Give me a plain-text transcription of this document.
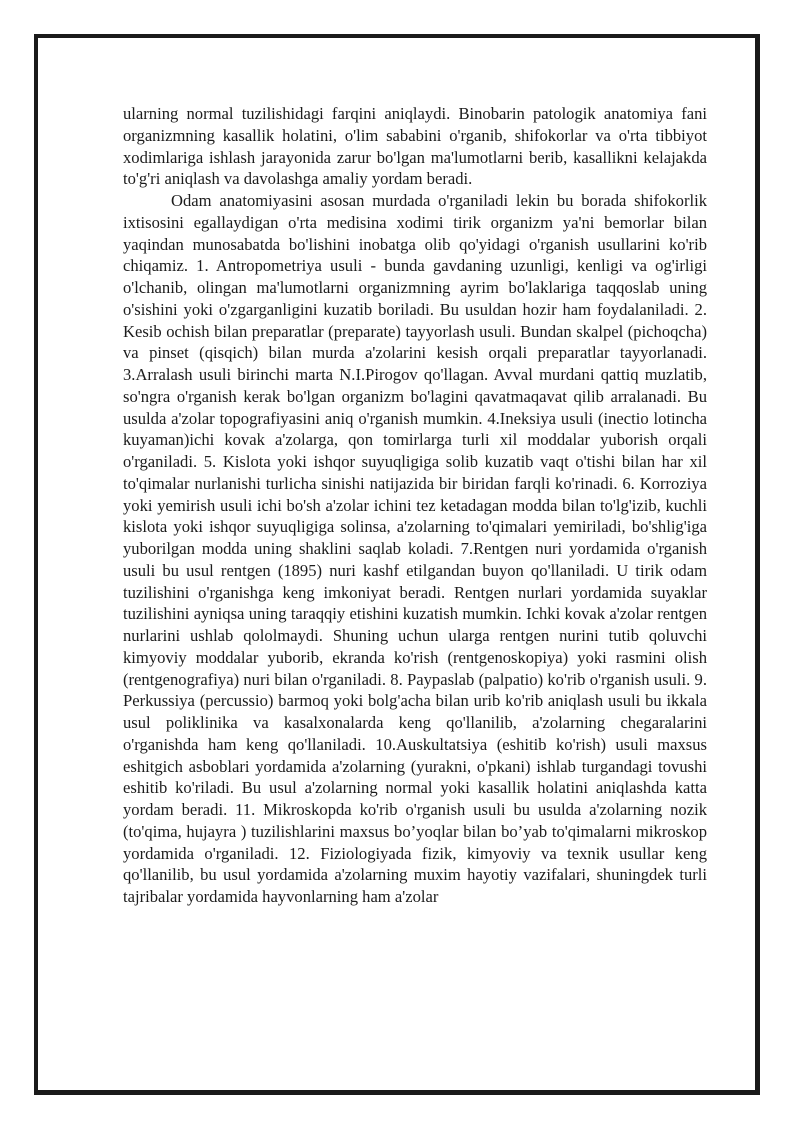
ularning normal tuzilishidagi farqini aniqlaydi. Binobarin patologik anatomiya fani organizmning kasallik holatini, o'lim sababini o'rganib, shifokorlar va o'rta tibbiyot xodimlariga ishlash jarayonida zarur bo'lgan ma'lumotlarni berib, kasallikni kelajakda to'g'ri aniqlash va davolashga amaliy yordam beradi.

Odam anatomiyasini asosan murdada o'rganiladi lekin bu borada shifokorlik ixtisosini egallaydigan o'rta medisina xodimi tirik organizm ya'ni bemorlar bilan yaqindan munosabatda bo'lishini inobatga olib qo'yidagi o'rganish usullarini ko'rib chiqamiz. 1. Antropometriya usuli - bunda gavdaning uzunligi, kenligi va og'irligi o'lchanib, olingan ma'lumotlarni organizmning ayrim bo'laklariga taqqoslab uning o'sishini yoki o'zgarganligini kuzatib boriladi. Bu usuldan hozir ham foydalaniladi. 2. Kesib ochish bilan preparatlar (preparate) tayyorlash usuli. Bundan skalpel (pichoqcha) va pinset (qisqich) bilan murda a'zolarini kesish orqali preparatlar tayyorlanadi. 3.Arralash usuli birinchi marta N.I.Pirogov qo'llagan. Avval murdani qattiq muzlatib, so'ngra o'rganish kerak bo'lgan organizm bo'lagini qavatmaqavat qilib arralanadi. Bu usulda a'zolar topografiyasini aniq o'rganish mumkin. 4.Ineksiya usuli (inectio lotincha kuyaman)ichi kovak a'zolarga, qon tomirlarga turli xil moddalar yuborish orqali o'rganiladi. 5. Kislota yoki ishqor suyuqligiga solib kuzatib vaqt o'tishi bilan har xil to'qimalar nurlanishi turlicha sinishi natijazida bir biridan farqli ko'rinadi. 6. Korroziya yoki yemirish usuli ichi bo'sh a'zolar ichini tez ketadagan modda bilan to'lg'izib, kuchli kislota yoki ishqor suyuqligiga solinsa, a'zolarning to'qimalari yemiriladi, bo'shlig'iga yuborilgan modda uning shaklini saqlab koladi. 7.Rentgen nuri yordamida o'rganish usuli bu usul rentgen (1895) nuri kashf etilgandan buyon qo'llaniladi. U tirik odam tuzilishini o'rganishga keng imkoniyat beradi. Rentgen nurlari yordamida suyaklar tuzilishini ayniqsa uning taraqqiy etishini kuzatish mumkin. Ichki kovak a'zolar rentgen nurlarini ushlab qololmaydi. Shuning uchun ularga rentgen nurini tutib qoluvchi kimyoviy moddalar yuborib, ekranda ko'rish (rentgenoskopiya) yoki rasmini olish (rentgenografiya) nuri bilan o'rganiladi. 8. Paypaslab (palpatio) ko'rib o'rganish usuli. 9. Perkussiya (percussio) barmoq yoki bolg'acha bilan urib ko'rib aniqlash usuli bu ikkala usul poliklinika va kasalxonalarda keng qo'llanilib, a'zolarning chegaralarini o'rganishda ham keng qo'llaniladi. 10.Auskultatsiya (eshitib ko'rish) usuli maxsus eshitgich asboblari yordamida a'zolarning (yurakni, o'pkani) ishlab turgandagi tovushi eshitib ko'riladi. Bu usul a'zolarning normal yoki kasallik holatini aniqlashda katta yordam beradi. 11. Mikroskopda ko'rib o'rganish usuli bu usulda a'zolarning nozik (to'qima, hujayra ) tuzilishlarini maxsus bo’yoqlar bilan bo’yab to'qimalarni mikroskop yordamida o'rganiladi. 12. Fiziologiyada fizik, kimyoviy va texnik usullar keng qo'llanilib, bu usul yordamida a'zolarning muxim hayotiy vazifalari, shuningdek turli tajribalar yordamida hayvonlarning ham a'zolar
